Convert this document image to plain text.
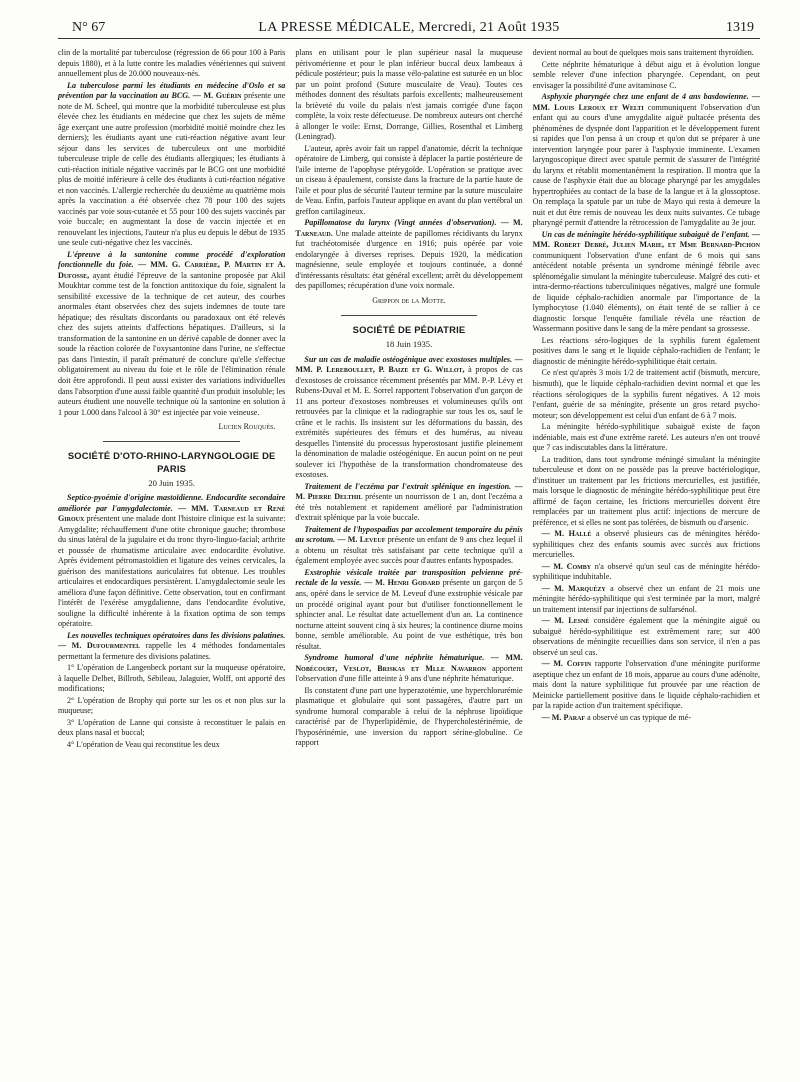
N° 67	LA PRESSE MÉDICALE, Mercredi, 21 Août 1935	1319

clin de la mortalité par tuberculose (régression de 66 pour 100 à Paris depuis 1880), et à la lutte contre les maladies vénériennes qui suivent annuellement plus de 20.000 nouveaux-nés.

La tuberculose parmi les étudiants en médecine d'Oslo et sa prévention par la vaccination au BCG. — M. Guérin présente une note de M. Scheel, qui montre que la morbidité tuberculeuse est plus élevée chez les étudiants en médecine que chez les sujets de même âge exerçant une autre profession (morbidité moitié moindre chez les derniers); les étudiants ayant une cuti-réaction négative avant leur séjour dans les services de tuberculeux ont une morbidité tuberculeuse triple de celle des étudiants allergiques; les étudiants à cuti-réaction initiale négative vaccinés par le BCG ont une morbidité plus de moitié inférieure à celle des étudiants à cuti-réaction négative et non vaccinés. L'allergie recherchée du deuxième au quatrième mois après la vaccination a été observée chez 78 pour 100 des sujets vaccinés par voie sous-cutanée et 55 pour 100 des sujets vaccinés par voie buccale; en augmentant la dose de vaccin injectée et en renouvelant les injections, l'auteur n'a plus eu depuis le début de 1935 une seule cuti-négative chez les vaccinés.

L'épreuve à la santonine comme procédé d'exploration fonctionnelle du foie. — MM. G. Carrière, P. Martin et A. Dufosse, ayant étudié l'épreuve de la santonine proposée par Akil Moukhtar comme test de la fonction antitoxique du foie, signalent la sensibilité excessive de la technique de cet auteur, des courbes anormales étant observées chez des sujets indemnes de toute tare hépatique; des résultats discordants ou paradoxaux ont été relevés chez des sujets atteints d'affections hépatiques. D'ailleurs, si la transformation de la santonine en un dérivé capable de donner avec la soude la réaction colorée de l'oxysantonine dans l'urine, ne s'effectue pas dans l'intestin, il paraît prématuré de conclure qu'elle s'effectue obligatoirement au niveau du foie et le rôle de l'élimination rénale doit être approfondi. Il peut aussi exister des variations individuelles dans l'absorption d'une aussi faible quantité d'un produit insoluble; les auteurs étudient une nouvelle technique où la santonine en solution à 1 pour 1.000 dans l'alcool à 30° est injectée par voie veineuse.

Lucien Rouquès.
SOCIÉTÉ D'OTO-RHINO-LARYNGOLOGIE DE PARIS
20 Juin 1935.

Septico-pyoémie d'origine mastoïdienne. Endocardite secondaire améliorée par l'amygdalectomie. — MM. Tarneaud et René Giroux présentent une malade dont l'histoire clinique est la suivante: Amygdalite; réchauffement d'une otite chronique gauche; thrombose du sinus latéral de la jugulaire et du tronc thyro-linguo-facial; arthrite et poussée de rhumatisme articulaire avec endocardite évolutive. Après évidement pétromastoïdien et ligature des veines cervicales, la guérison des manifestations auriculaires fut obtenue. Les troubles articulaires et endocardiques persistèrent. L'amygdalectomie seule les améliora d'une façon définitive. Cette observation, tout en confirmant l'intérêt de l'exérèse amygdalienne, dans l'endocardite évolutive, souligne la difficulté inhérente à la fixation optima de son temps opératoire.

Les nouvelles techniques opératoires dans les divisions palatines. — M. Dufourmentel rappelle les 4 méthodes fondamentales permettant la fermeture des divisions palatines.

1° L'opération de Langenbeck portant sur la muqueuse opératoire, à laquelle Delbet, Billroth, Sébileau, Jalaguier, Wolff, ont apporté des modifications;

2° L'opération de Brophy qui porte sur les os et non plus sur la muqueuse;

3° L'opération de Lanne qui consiste à reconstituer le palais en deux plans nasal et buccal;

4° L'opération de Veau qui reconstitue les deux

plans en utilisant pour le plan supérieur nasal la muqueuse périvomérienne et pour le plan inférieur buccal deux lambeaux à pédicule postérieur; puis la masse vélo-palatine est suturée en un bloc par un point profond (Suture musculaire de Veau). Toutes ces méthodes donnent des résultats parfois excellents; malheureusement la brièveté du voile du palais n'est jamais corrigée d'une façon complète, la voix reste défectueuse. De nombreux auteurs ont cherché à allonger le voile: Ernst, Dorrange, Gillies, Rosenthal et Limberg (Leningrad).

L'auteur, après avoir fait un rappel d'anatomie, décrit la technique opératoire de Limberg, qui consiste à déplacer la partie postérieure de l'aile interne de l'apophyse ptérygoïde. L'opération se pratique avec un ciseau à épaulement, consiste dans la fracture de la partie haute de l'aile et pour plus de sécurité l'auteur termine par la suture musculaire de Veau. Enfin, parfois l'auteur applique en avant du plan vertébral un greffon cartilagineux.

Papillomatose du larynx (Vingt années d'observation). — M. Tarneaud. Une malade atteinte de papillomes récidivants du larynx fut trachéotomisée d'urgence en 1916; puis opérée par voie endolaryngée à diverses reprises. Depuis 1920, la médication magnésienne, seule employée et toujours continuée, a donné d'intéressants résultats: état général excellent; arrêt du développement des papillomes; récupération d'une voix normale.

Grippon de la Motte.
SOCIÉTÉ DE PÉDIATRIE
18 Juin 1935.

Sur un cas de maladie ostéogénique avec exostoses multiples. — MM. P. Lereboullet, P. Baize et G. Willot, à propos de cas d'exostoses de croissance récemment présentés par MM. P.-P. Lévy et Rubens-Duval et M. E. Sorrel rapportent l'observation d'un garçon de 11 ans porteur d'exostoses nombreuses et volumineuses qu'ils ont retrouvées par la clinique et la radiographie sur tous les os, sauf le crâne et le rachis. Ils insistent sur les déformations du bassin, des extrémités supérieures des fémurs et des humérus, au niveau desquelles l'intensité du processus hyperostosant justifie pleinement la dénomination de maladie ostéogénique. En aucun point on ne peut soulever ici l'hypothèse de la transformation chondromateuse des exostoses.

Traitement de l'eczéma par l'extrait splénique en ingestion. — M. Pierre Delthil présente un nourrisson de 1 an, dont l'eczéma a été très notablement et rapidement amélioré par l'administration d'extrait splénique par la voie buccale.

Traitement de l'hypospadias par accolement temporaire du pénis au scrotum. — M. Leveuf présente un enfant de 9 ans chez lequel il a obtenu un résultat très satisfaisant par cette technique qu'il a également employée avec succès pour d'autres enfants hypospades.

Exstrophie vésicale traitée par transposition pelvienne pré-rectale de la vessie. — M. Henri Godard présente un garçon de 5 ans, opéré dans le service de M. Leveuf d'une exstrophie vésicale par un procédé original ayant pour but d'utiliser fonctionnellement le sphincter anal. Le résultat date actuellement d'un an. La continence nocturne atteint souvent cinq à six heures; la continence diurne moins bonne, semble améliorable. Au point de vue esthétique, très bon résultat.

Syndrome humoral d'une néphrite hématurique. — MM. Nobécourt, Veslot, Briskas et Mlle Navarron apportent l'observation d'une fille atteinte à 9 ans d'une néphrite hématurique.

Ils constatent d'une part une hyperazotémie, une hyperchlorurémie plasmatique et globulaire qui sont passagères, d'autre part un syndrome humoral comparable à celui de la néphrose lipoïdique caractérisé par de l'hyperlipidémie, de l'hypercholestérinémie, de l'hyposérinémie, une inversion du rapport sérine-globuline. Ce rapport

devient normal au bout de quelques mois sans traitement thyroïdien.

Cette néphrite hématurique à début aigu et à évolution longue semble relever d'une infection pharyngée. Cependant, on peut envisager la possibilité d'une avitaminose C.

Asphyxie pharyngée chez une enfant de 4 ans basdowienne. — MM. Louis Leroux et Welti communiquent l'observation d'un enfant qui au cours d'une amygdalite aiguë pultacée présenta des phénomènes de dyspnée dont l'apparition et le développement furent si rapides que l'on pensa à un croup et qu'on dut se préparer à une intervention laryngée pour parer à l'asphyxie imminente. L'examen laryngoscopique direct avec spatule permit de s'assurer de l'intégrité du larynx et rétablit momentanément la respiration. Il montra que la cause de l'asphyxie était due au blocage pharyngé par les amygdales hypertrophiées au contact de la base de la langue et à la glossoptose. On remplaça la spatule par un tube de Mayo qui resta à demeure la nuit et dut être remis de nouveau les deux nuits suivantes. Ce tubage pharyngé permit d'attendre la rétrocession de l'amygdalite au 3e jour.

Un cas de méningite hérédo-syphilitique subaiguë de l'enfant. — MM. Robert Debré, Julien Marie, et Mme Bernard-Pichon communiquent l'observation d'une enfant de 6 mois qui sans antécédent notable présenta un syndrome méningé fébrile avec splénomégalie simulant la méningite tuberculeuse. Malgré des cuti- et intra-dermo-réactions tuberculiniques négatives, malgré une formule de liquide céphalo-rachidien anormale par l'importance de la lymphocytose (1.040 éléments), on était tenté de se rallier à ce diagnostic lorsque l'enquête familiale révéla une réaction de Wassermann positive dans le sang de la mère pendant sa grossesse.

Les réactions séro-logiques de la syphilis furent également positives dans le sang et le liquide céphalo-rachidien de l'enfant; le diagnostic de méningite hérédo-syphilitique était certain.

Ce n'est qu'après 3 mois 1/2 de traitement actif (bismuth, mercure, bismuth), que le liquide céphalo-rachidien devint normal et que les réactions sérologiques de la syphilis furent négatives. A 12 mois l'enfant, guérie de sa méningite, présente un gros retard psycho-moteur; son développement est celui d'un enfant de 6 à 7 mois.

La méningite hérédo-syphilitique subaiguë existe de façon indéniable, mais est d'une extrême rareté. Les auteurs n'en ont trouvé que 7 cas indiscutables dans la littérature.

La tradition, dans tout syndrome méningé simulant la méningite tuberculeuse et dont on ne possède pas la preuve bactériologique, d'instituer un traitement par les frictions mercurielles, est justifiée, mais lorsque le diagnostic de méningite hérédo-syphilitique peut être affirmé de façon certaine, les frictions mercurielles doivent être remplacées par un traitement plus actif: injections de mercure de préférence, et si elles ne sont pas tolérées, de bismuth ou d'arsenic.

— M. Hallé a observé plusieurs cas de méningites hérédo-syphilitiques chez des enfants soumis avec succès aux frictions mercurielles.

— M. Comby n'a observé qu'un seul cas de méningite hérédo-syphilitique indubitable.

— M. Marquézy a observé chez un enfant de 21 mois une méningite hérédo-syphilitique qui s'est terminée par la mort, malgré un traitement intensif par injections de sulfarsénol.

— M. Lesné considère également que la méningite aiguë ou subaiguë hérédo-syphilitique est extrêmement rare; sur 400 observations de méningite recueillies dans son service, il n'en a pas observé un seul cas.

— M. Coffin rapporte l'observation d'une méningite puriforme aseptique chez un enfant de 18 mois, apparue au cours d'une adénoïte, mais dont la nature syphilitique fut prouvée par une réaction de Meinicke partiellement positive dans le liquide céphalo-rachidien et par la rapide action d'un traitement spécifique.

— M. Paraf a observé un cas typique de mé-
